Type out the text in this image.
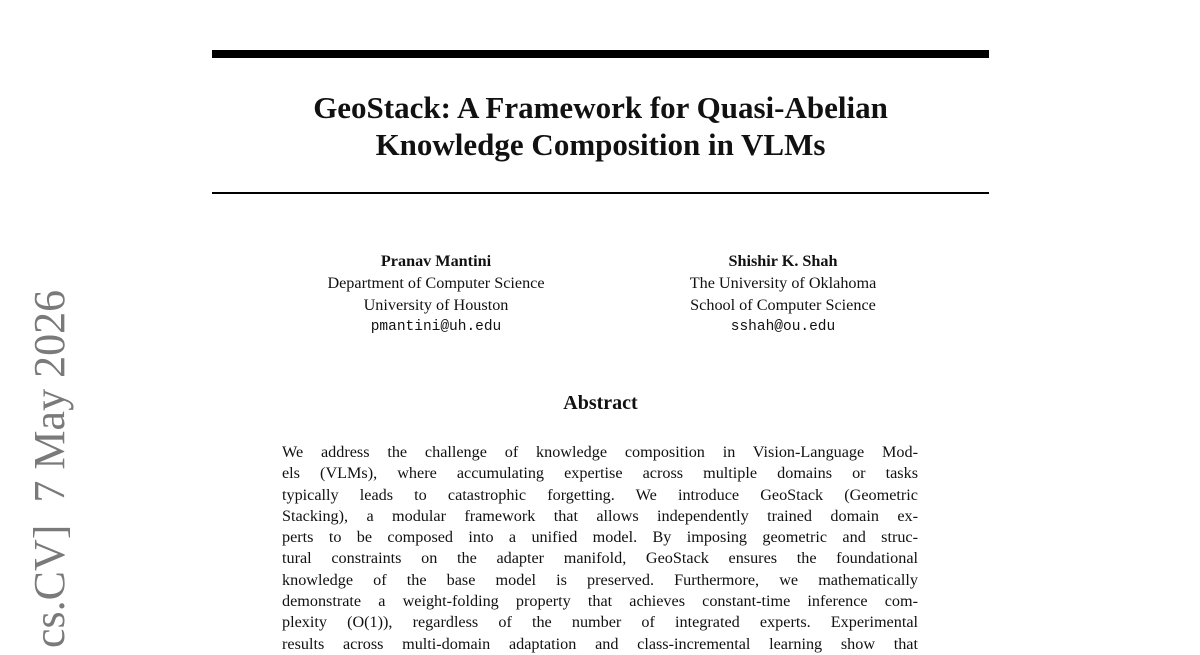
GeoStack: A Framework for Quasi-Abelian
Knowledge Composition in VLMs
Pranav Mantini
Department of Computer Science
University of Houston
pmantini@uh.edu
Shishir K. Shah
The University of Oklahoma
School of Computer Science
sshah@ou.edu
Abstract
We address the challenge of knowledge composition in Vision-Language Mod-
els (VLMs), where accumulating expertise across multiple domains or tasks
typically leads to catastrophic forgetting. We introduce GeoStack (Geometric
Stacking), a modular framework that allows independently trained domain ex-
perts to be composed into a unified model. By imposing geometric and struc-
tural constraints on the adapter manifold, GeoStack ensures the foundational
knowledge of the base model is preserved. Furthermore, we mathematically
demonstrate a weight-folding property that achieves constant-time inference com-
plexity (O(1)), regardless of the number of integrated experts. Experimental
results across multi-domain adaptation and class-incremental learning show that
cs.CV]  7 May 2026
